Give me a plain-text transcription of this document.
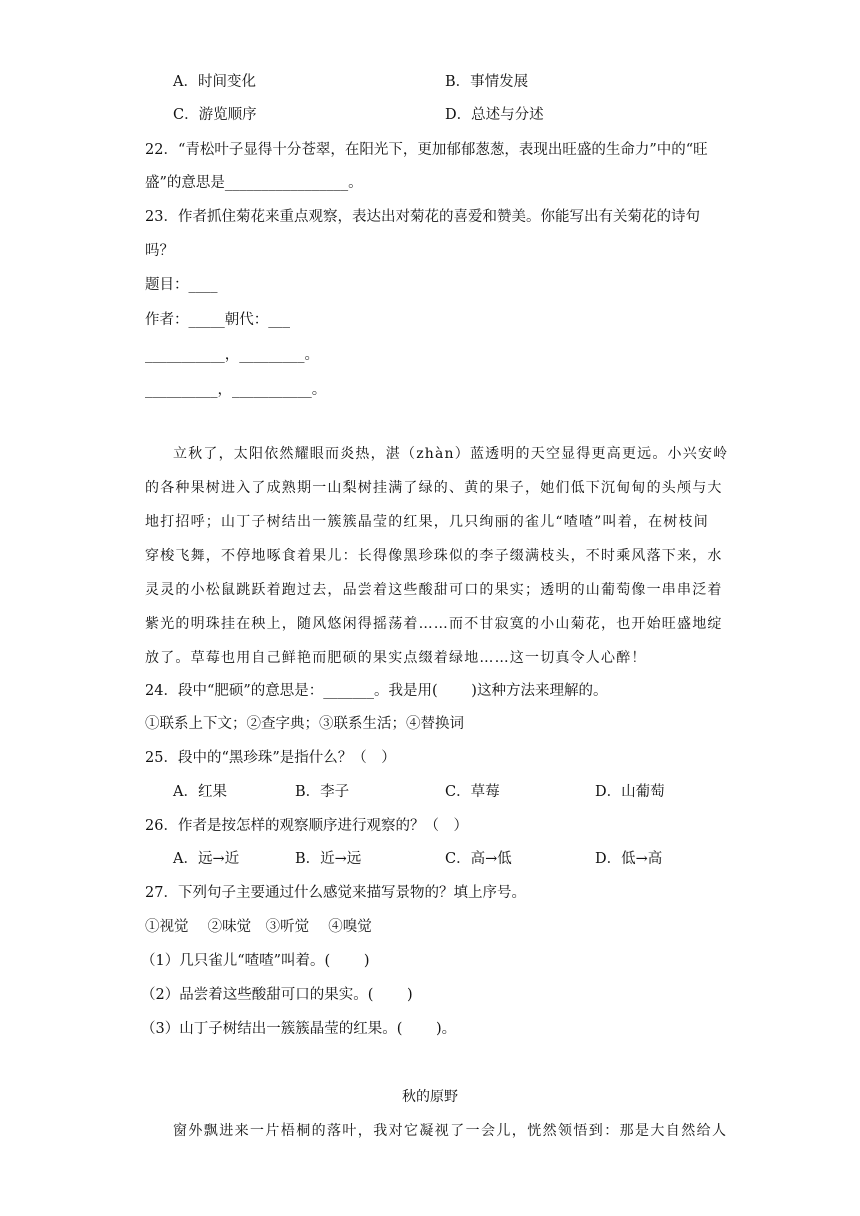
A．时间变化	B．事情发展
C．游览顺序	D．总述与分述
22．“青松叶子显得十分苍翠，在阳光下，更加郁郁葱葱，表现出旺盛的生命力”中的“旺
盛”的意思是_________________。
23．作者抓住菊花来重点观察，表达出对菊花的喜爱和赞美。你能写出有关菊花的诗句
吗？
题目：____
作者：_____朝代：___
___________，_________。
__________，___________。
立秋了，太阳依然耀眼而炎热，湛（zhàn）蓝透明的天空显得更高更远。小兴安岭
的各种果树进入了成熟期一山梨树挂满了绿的、黄的果子，她们低下沉甸甸的头颅与大
地打招呼；山丁子树结出一簇簇晶莹的红果，几只绚丽的雀儿“喳喳”叫着，在树枝间
穿梭飞舞，不停地啄食着果儿：长得像黑珍珠似的李子缀满枝头，不时乘风落下来，水
灵灵的小松鼠跳跃着跑过去，品尝着这些酸甜可口的果实；透明的山葡萄像一串串泛着
紫光的明珠挂在秧上，随风悠闲得摇荡着……而不甘寂寞的小山菊花，也开始旺盛地绽
放了。草莓也用自己鲜艳而肥硕的果实点缀着绿地……这一切真令人心醉！
24．段中“肥硕”的意思是：_______。我是用(　　 )这种方法来理解的。
①联系上下文；②查字典；③联系生活；④替换词
25．段中的“黑珍珠”是指什么？（　）
A．红果	B．李子	C．草莓	D．山葡萄
26．作者是按怎样的观察顺序进行观察的？（　）
A．远→近	B．近→远	C．高→低	D．低→高
27．下列句子主要通过什么感觉来描写景物的？填上序号。
①视觉　 ②味觉　③听觉　 ④嗅觉
（1）几只雀儿“喳喳”叫着。(　　 )
（2）品尝着这些酸甜可口的果实。(　　 )
（3）山丁子树结出一簇簇晶莹的红果。(　　 )。
秋的原野
窗外飘进来一片梧桐的落叶，我对它凝视了一会儿，恍然领悟到：那是大自然给人
